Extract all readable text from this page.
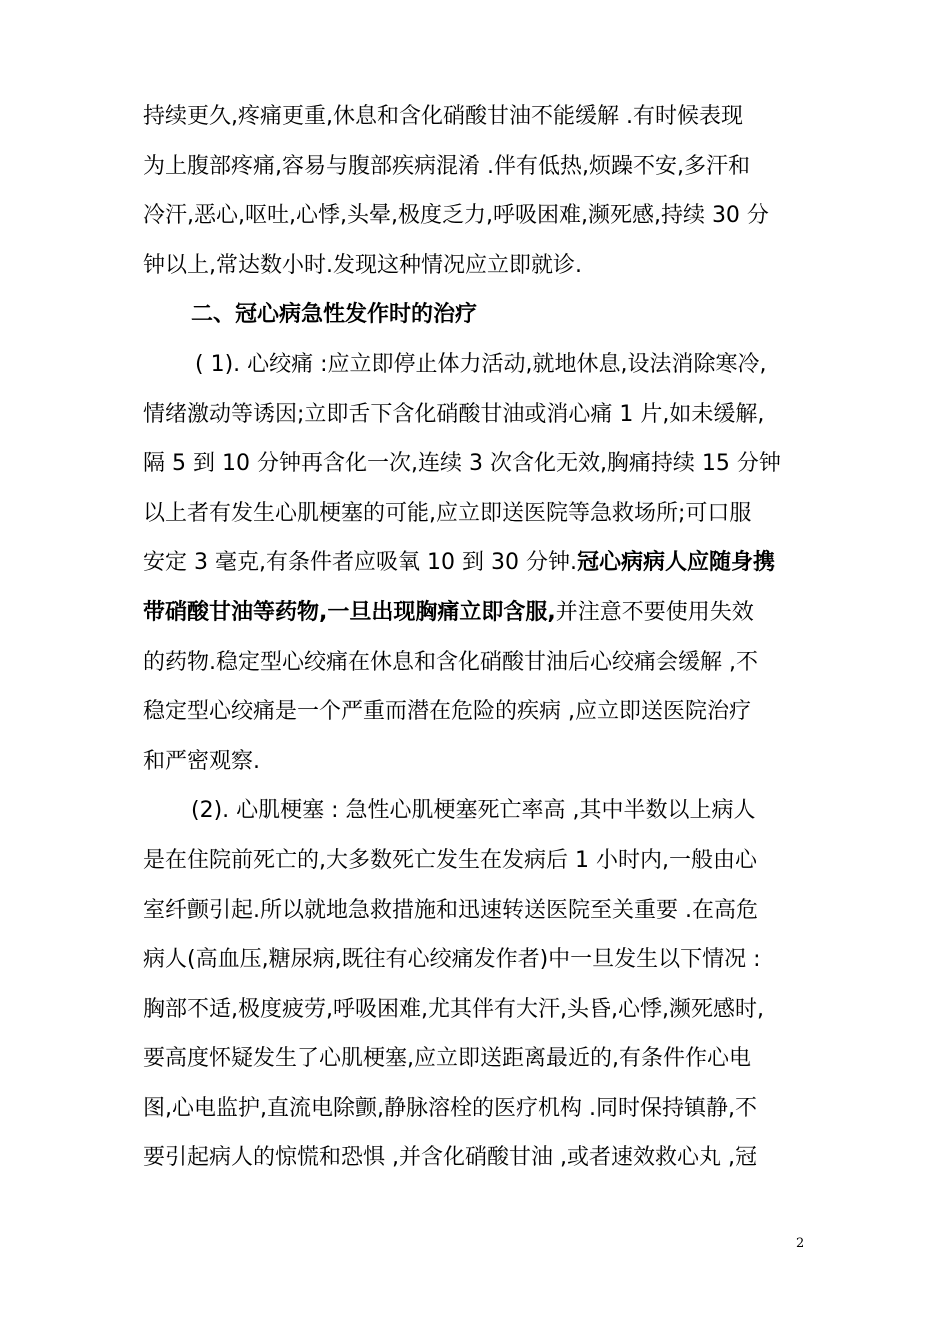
持续更久,疼痛更重,休息和含化硝酸甘油不能缓解 .有时候表现
为上腹部疼痛,容易与腹部疾病混淆 .伴有低热,烦躁不安,多汗和
冷汗,恶心,呕吐,心悸,头晕,极度乏力,呼吸困难,濒死感,持续 30 分
钟以上,常达数小时.发现这种情况应立即就诊.
二、冠心病急性发作时的治疗
( 1). 心绞痛 :应立即停止体力活动,就地休息,设法消除寒冷,
情绪激动等诱因;立即舌下含化硝酸甘油或消心痛 1 片,如未缓解,
隔 5 到 10 分钟再含化一次,连续 3 次含化无效,胸痛持续 15 分钟
以上者有发生心肌梗塞的可能,应立即送医院等急救场所;可口服
安定 3 毫克,有条件者应吸氧 10 到 30 分钟.冠心病病人应随身携
带硝酸甘油等药物,一旦出现胸痛立即含服,并注意不要使用失效
的药物.稳定型心绞痛在休息和含化硝酸甘油后心绞痛会缓解 ,不
稳定型心绞痛是一个严重而潜在危险的疾病 ,应立即送医院治疗
和严密观察.
(2). 心肌梗塞 : 急性心肌梗塞死亡率高 ,其中半数以上病人
是在住院前死亡的,大多数死亡发生在发病后 1 小时内,一般由心
室纤颤引起.所以就地急救措施和迅速转送医院至关重要 .在高危
病人(高血压,糖尿病,既往有心绞痛发作者)中一旦发生以下情况 :
胸部不适,极度疲劳,呼吸困难,尤其伴有大汗,头昏,心悸,濒死感时,
要高度怀疑发生了心肌梗塞,应立即送距离最近的,有条件作心电
图,心电监护,直流电除颤,静脉溶栓的医疗机构 .同时保持镇静,不
要引起病人的惊慌和恐惧 ,并含化硝酸甘油 ,或者速效救心丸 ,冠
2
